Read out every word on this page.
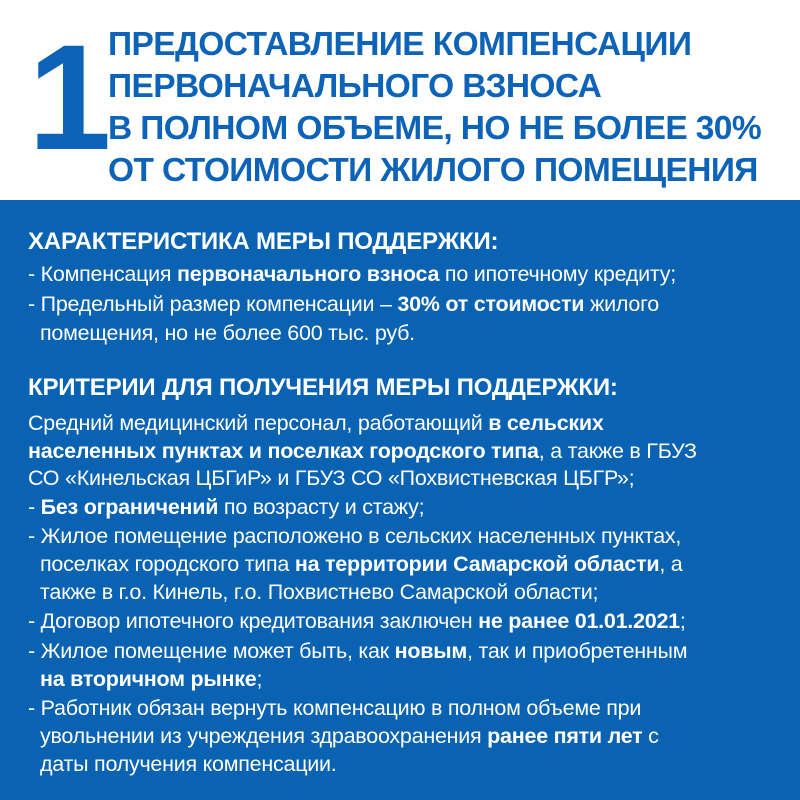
1 ПРЕДОСТАВЛЕНИЕ КОМПЕНСАЦИИ
ПЕРВОНАЧАЛЬНОГО ВЗНОСА
В ПОЛНОМ ОБЪЕМЕ, НО НЕ БОЛЕЕ 30%
ОТ СТОИМОСТИ ЖИЛОГО ПОМЕЩЕНИЯ
ХАРАКТЕРИСТИКА МЕРЫ ПОДДЕРЖКИ:
- Компенсация первоначального взноса по ипотечному кредиту;
- Предельный размер компенсации – 30% от стоимости жилого
помещения, но не более 600 тыс. руб.
КРИТЕРИИ ДЛЯ ПОЛУЧЕНИЯ МЕРЫ ПОДДЕРЖКИ:
Средний медицинский персонал, работающий в сельских
населенных пунктах и поселках городского типа, а также в ГБУЗ
СО «Кинельская ЦБГиР» и ГБУЗ СО «Похвистневская ЦБГР»;
- Без ограничений по возрасту и стажу;
- Жилое помещение расположено в сельских населенных пунктах,
поселках городского типа на территории Самарской области, а
также в г.о. Кинель, г.о. Похвистнево Самарской области;
- Договор ипотечного кредитования заключен не ранее 01.01.2021;
- Жилое помещение может быть, как новым, так и приобретенным
на вторичном рынке;
- Работник обязан вернуть компенсацию в полном объеме при
увольнении из учреждения здравоохранения ранее пяти лет с
даты получения компенсации.
